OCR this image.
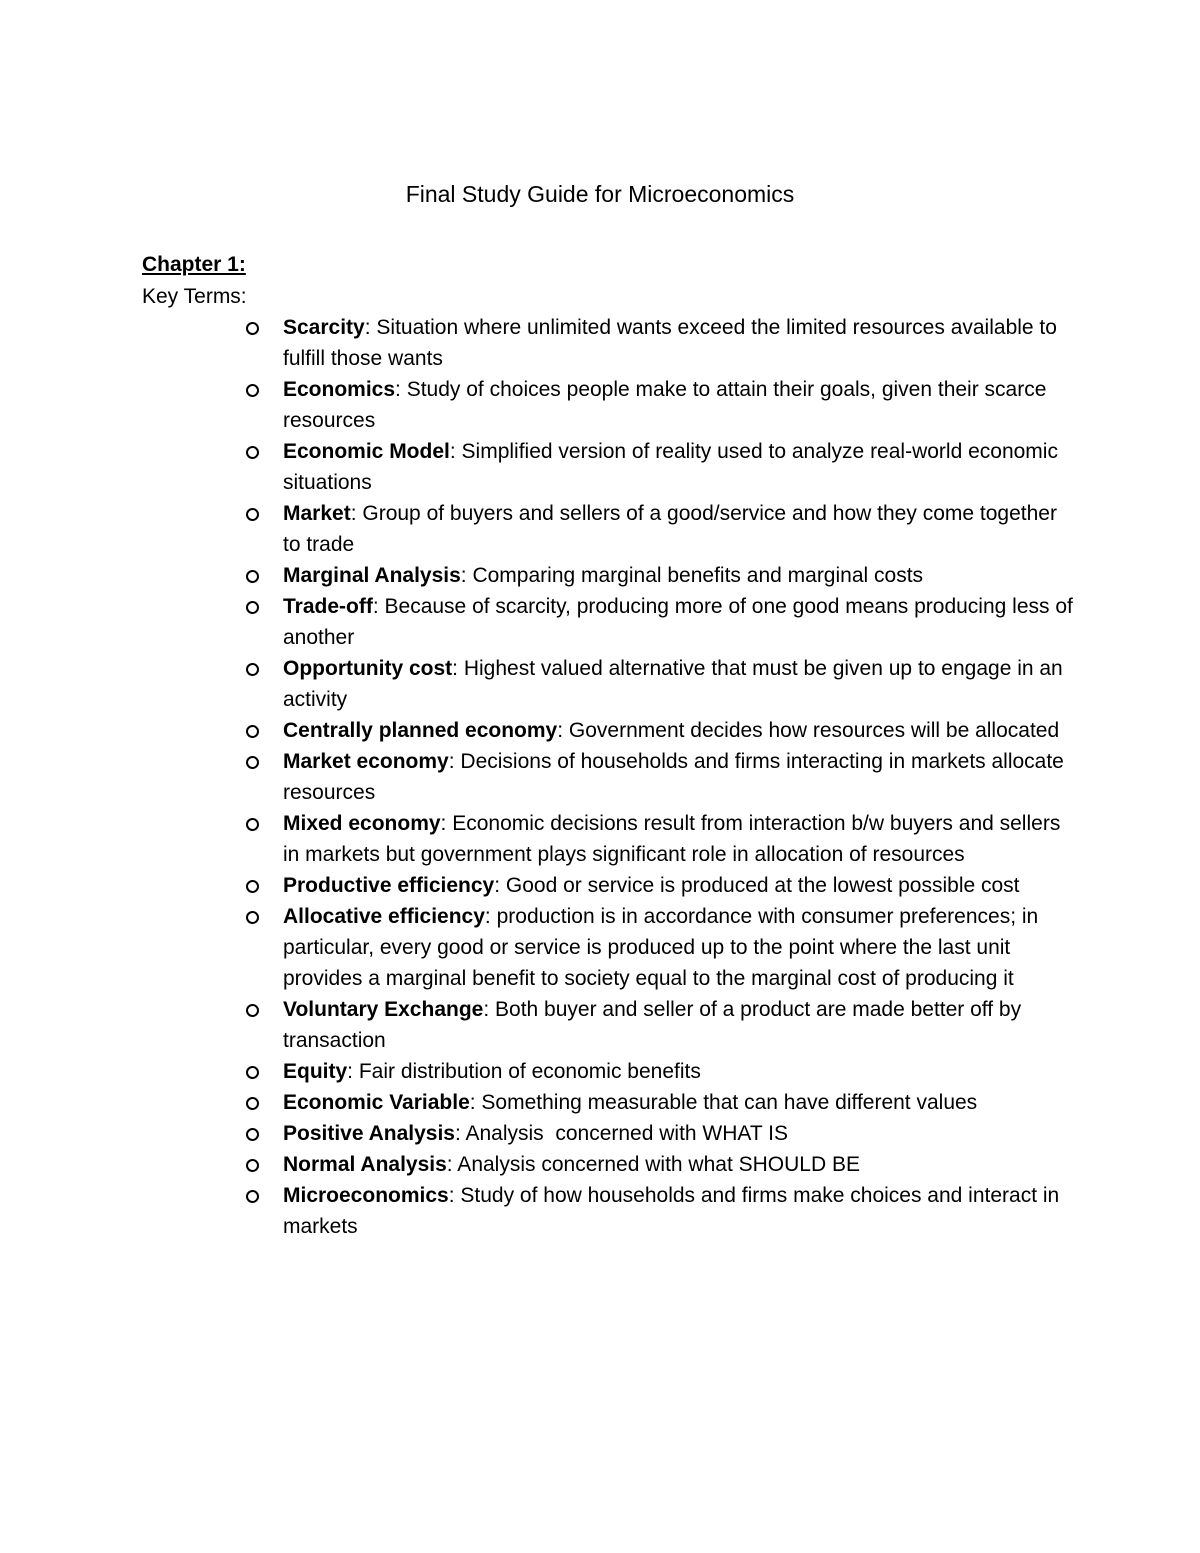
Final Study Guide for Microeconomics
Chapter 1:
Key Terms:
Scarcity: Situation where unlimited wants exceed the limited resources available to fulfill those wants
Economics: Study of choices people make to attain their goals, given their scarce resources
Economic Model: Simplified version of reality used to analyze real-world economic situations
Market: Group of buyers and sellers of a good/service and how they come together to trade
Marginal Analysis: Comparing marginal benefits and marginal costs
Trade-off: Because of scarcity, producing more of one good means producing less of another
Opportunity cost: Highest valued alternative that must be given up to engage in an activity
Centrally planned economy: Government decides how resources will be allocated
Market economy: Decisions of households and firms interacting in markets allocate resources
Mixed economy: Economic decisions result from interaction b/w buyers and sellers in markets but government plays significant role in allocation of resources
Productive efficiency: Good or service is produced at the lowest possible cost
Allocative efficiency: production is in accordance with consumer preferences; in particular, every good or service is produced up to the point where the last unit provides a marginal benefit to society equal to the marginal cost of producing it
Voluntary Exchange: Both buyer and seller of a product are made better off by transaction
Equity: Fair distribution of economic benefits
Economic Variable: Something measurable that can have different values
Positive Analysis: Analysis  concerned with WHAT IS
Normal Analysis: Analysis concerned with what SHOULD BE
Microeconomics: Study of how households and firms make choices and interact in markets
